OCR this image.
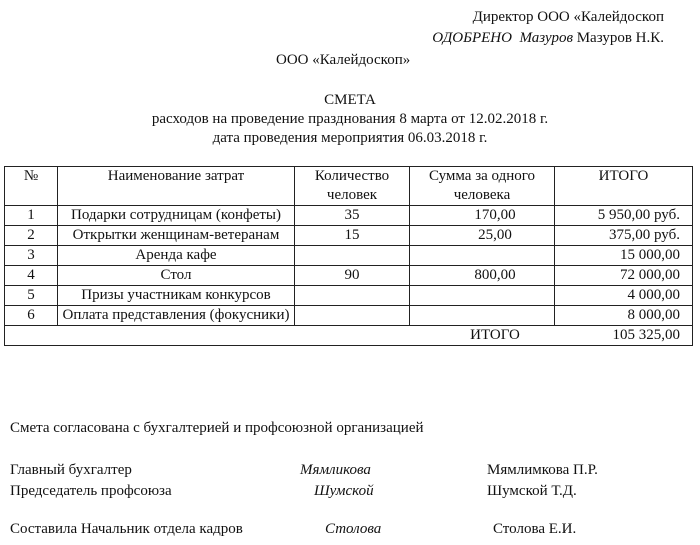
Директор ООО «Калейдоскоп
ОДОБРЕНО Мазуров Мазуров Н.К.
ООО «Калейдоскоп»
СМЕТА
расходов на проведение празднования 8 марта от 12.02.2018 г.
дата проведения мероприятия 06.03.2018 г.
№	Наименование затрат	Количество человек	Сумма за одного человека	ИТОГО
1	Подарки сотрудницам (конфеты)	35	170,00	5 950,00 руб.
2	Открытки женщинам-ветеранам	15	25,00	375,00 руб.
3	Аренда кафе			15 000,00
4	Стол	90	800,00	72 000,00
5	Призы участникам конкурсов			4 000,00
6	Оплата представления (фокусники)			8 000,00
			ИТОГО	105 325,00
Смета согласована с бухгалтерией и профсоюзной организацией
Главный бухгалтер	Мямликова	Мямлимкова П.Р.
Председатель профсоюза	Шумской	Шумской Т.Д.
Составила Начальник отдела кадров	Столова	Столова Е.И.
